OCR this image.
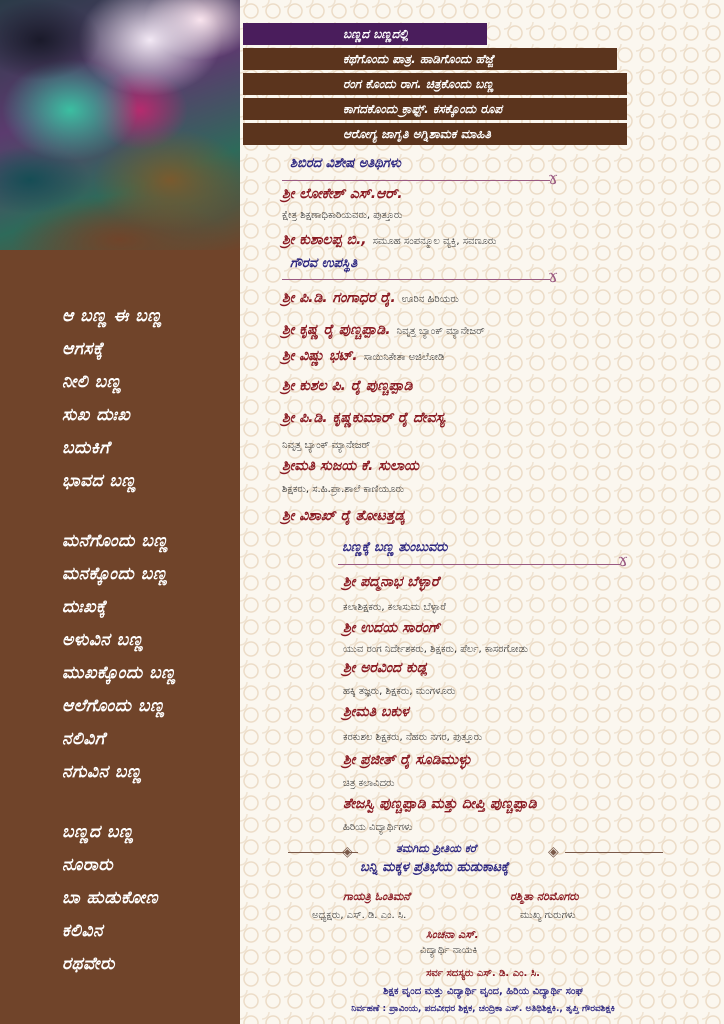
ಆ ಬಣ್ಣ ಈ ಬಣ್ಣ
ಆಗಸಕ್ಕೆ
ನೀಲಿ ಬಣ್ಣ
ಸುಖ ದುಃಖ
ಬದುಕಿಗೆ
ಭಾವದ ಬಣ್ಣ
ಮನೆಗೊಂದು ಬಣ್ಣ
ಮನಕ್ಕೊಂದು ಬಣ್ಣ
ದುಃಖಕ್ಕೆ
ಅಳುವಿನ ಬಣ್ಣ
ಮುಖಕ್ಕೊಂದು ಬಣ್ಣ
ಆಲೆಗೊಂದು ಬಣ್ಣ
ನಲಿವಿಗೆ
ನಗುವಿನ ಬಣ್ಣ
ಬಣ್ಣದ ಬಣ್ಣ
ನೂರಾರು
ಬಾ ಹುಡುಕೋಣ
ಕಲಿವಿನ
ರಥವೇರು
ಬಣ್ಣದ ಬಣ್ಣದಲ್ಲಿ
ಕಥೆಗೊಂದು ಪಾತ್ರ. ಹಾಡಿಗೊಂದು ಹೆಜ್ಜೆ
ರಂಗ ಕೊಂದು ರಾಗ. ಚಿತ್ರಕೊಂದು ಬಣ್ಣ
ಕಾಗದಕೊಂದು ಕ್ರಾಫ್ಟ್. ಕಸಕ್ಕೊಂದು ರೂಪ
ಆರೋಗ್ಯ ಜಾಗೃತಿ ಅಗ್ನಿಶಾಮಕ ಮಾಹಿತಿ
ಶಿಬಿರದ ವಿಶೇಷ ಅತಿಥಿಗಳು
ɤ
ಶ್ರೀ ಲೋಕೇಶ್ ಎಸ್.ಆರ್.
ಕ್ಷೇತ್ರ ಶಿಕ್ಷಣಾಧಿಕಾರಿಯವರು, ಪುತ್ತೂರು
ಶ್ರೀ ಕುಶಾಲಪ್ಪ ಬಿ., ಸಮೂಹ ಸಂಪನ್ಮೂಲ ವ್ಯಕ್ತಿ, ಸವಣೂರು
ಗೌರವ ಉಪಸ್ಥಿತಿ
ɤ
ಶ್ರೀ ಪಿ.ಡಿ. ಗಂಗಾಧರ ರೈ. ಊರಿನ ಹಿರಿಯರು
ಶ್ರೀ ಕೃಷ್ಣ ರೈ ಪುಣ್ಚಪ್ಪಾಡಿ. ನಿವೃತ್ತ ಬ್ಯಾಂಕ್ ಮ್ಯಾನೇಜರ್
ಶ್ರೀ ವಿಷ್ಣು ಭಟ್. ಸಾಯಿನಿಕೇತಾ ಅಜಿಲೋಡಿ
ಶ್ರೀ ಕುಶಲ ಪಿ. ರೈ ಪುಣ್ಚಪ್ಪಾಡಿ
ಶ್ರೀ ಪಿ.ಡಿ. ಕೃಷ್ಣಕುಮಾರ್ ರೈ ದೇವಸ್ಯ
ನಿವೃತ್ತ ಬ್ಯಾಂಕ್ ಮ್ಯಾನೇಜರ್
ಶ್ರೀಮತಿ ಸುಜಯ ಕೆ. ಸುಲಾಯ
ಶಿಕ್ಷಕರು, ಸ.ಹಿ.ಪ್ರಾ.ಶಾಲೆ ಕಾಣಿಯೂರು
ಶ್ರೀ ವಿಶಾಖ್ ರೈ ತೋಟತ್ತಡ್ಕ
ಬಣ್ಣಕ್ಕೆ ಬಣ್ಣ ತುಂಬುವರು
ɤ
ಶ್ರೀ ಪದ್ಮನಾಭ ಬೆಳ್ಳಾರೆ
ಕಲಾಶಿಕ್ಷಕರು, ಕಲಾಸುಮ ಬೆಳ್ಳಾರೆ
ಶ್ರೀ ಉದಯ ಸಾರಂಗ್
ಯುವ ರಂಗ ನಿರ್ದೇಶಕರು, ಶಿಕ್ಷಕರು, ಪೆರ್ಲ, ಕಾಸರಗೋಡು
ಶ್ರೀ ಅರವಿಂದ ಕುಡ್ಲ
ಹಕ್ಕಿ ತಜ್ಞರು, ಶಿಕ್ಷಕರು, ಮಂಗಳೂರು
ಶ್ರೀಮತಿ ಬಕುಳ
ಕರಕುಶಲ ಶಿಕ್ಷಕರು, ನೆಹರು ನಗರ, ಪುತ್ತೂರು
ಶ್ರೀ ಪ್ರಜೀತ್ ರೈ ಸೂಡಿಮುಳ್ಳು
ಚಿತ್ರ ಕಲಾವಿದರು
ತೇಜಸ್ವಿ ಪುಣ್ಚಪ್ಪಾಡಿ ಮತ್ತು ದೀಪ್ತಿ ಪುಣ್ಚಪ್ಪಾಡಿ
ಹಿರಿಯ ವಿದ್ಯಾರ್ಥಿಗಳು
◈	ತಮಗಿದು ಪ್ರೀತಿಯ ಕರೆ	◈
ಬನ್ನಿ ಮಕ್ಕಳ ಪ್ರತಿಭೆಯ ಹುಡುಕಾಟಕ್ಕೆ
ಗಾಯತ್ರಿ ಓಂತಿಮನೆ
ಅಧ್ಯಕ್ಷರು, ಎಸ್. ಡಿ. ಎಂ. ಸಿ.
ರಶ್ಮಿತಾ ನರಿಮೊಗರು
ಮುಖ್ಯ ಗುರುಗಳು
ಸಿಂಚನಾ ಎಸ್.
ವಿದ್ಯಾರ್ಥಿ ನಾಯಕಿ
ಸರ್ವ ಸದಸ್ಯರು ಎಸ್. ಡಿ. ಎಂ. ಸಿ.
ಶಿಕ್ಷಕ ವೃಂದ ಮತ್ತು ವಿದ್ಯಾರ್ಥಿ ವೃಂದ, ಹಿರಿಯ ವಿದ್ಯಾರ್ಥಿ ಸಂಘ
ನಿರ್ವಹಣೆ : ಪ್ರಾವಿಂಯ, ಪದವೀಧರ ಶಿಕ್ಷಕ, ಚಂದ್ರಿಕಾ ಎಸ್. ಅತಿಥಿಶಿಕ್ಷಕಿ., ತೃಪ್ತಿ ಗೌರವಶಿಕ್ಷಕಿ
